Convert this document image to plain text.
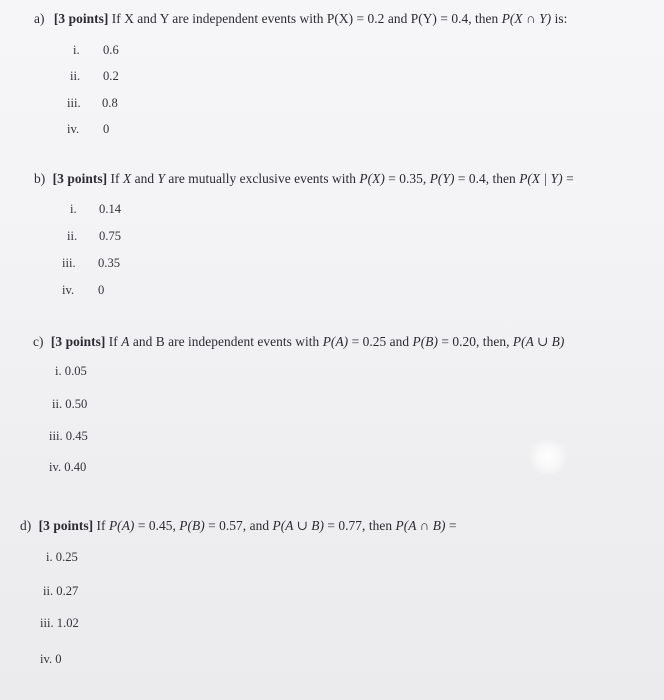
a) [3 points] If X and Y are independent events with P(X) = 0.2 and P(Y) = 0.4, then P(X ∩ Y) is:
i. 0.6
ii. 0.2
iii. 0.8
iv. 0
b) [3 points] If X and Y are mutually exclusive events with P(X) = 0.35, P(Y) = 0.4, then P(X | Y) =
i. 0.14
ii. 0.75
iii. 0.35
iv. 0
c) [3 points] If A and B are independent events with P(A) = 0.25 and P(B) = 0.20, then, P(A ∪ B)
i. 0.05
ii. 0.50
iii. 0.45
iv. 0.40
d) [3 points] If P(A) = 0.45, P(B) = 0.57, and P(A ∪ B) = 0.77, then P(A ∩ B) =
i. 0.25
ii. 0.27
iii. 1.02
iv. 0
